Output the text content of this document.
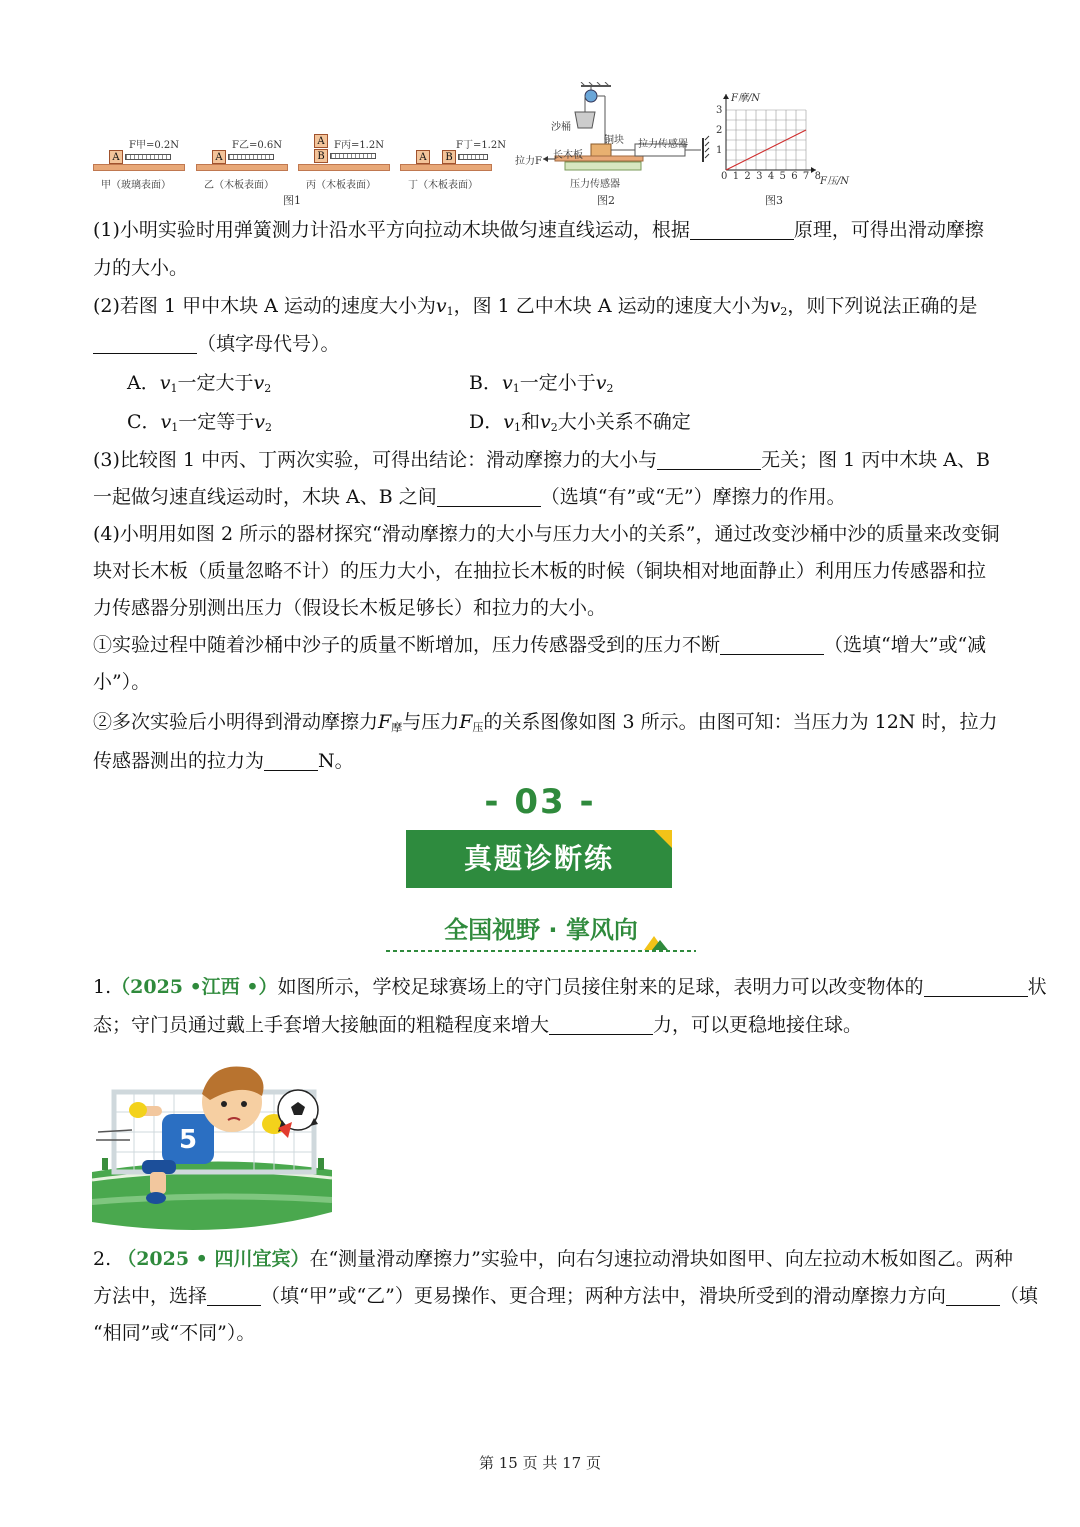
F甲=0.2N
A
甲（玻璃表面）
F乙=0.6N
A
乙（木板表面）
F丙=1.2N
A
B
丙（木板表面）
F丁=1.2N
A	B
丁（木板表面）
图1
沙桶
铜块
长木板
拉力传感器
拉力F
压力传感器
图2
F摩/N
3
2
1
0 1 2 3 4 5 6 7 8 F压/N
图3
(1)小明实验时用弹簧测力计沿水平方向拉动木块做匀速直线运动，根据	原理，可得出滑动摩擦
力的大小。
(2)若图 1 甲中木块 A 运动的速度大小为$v_1$，图 1 乙中木块 A 运动的速度大小为$v_2$，则下列说法正确的是
（填字母代号）。
A．$v_1$一定大于$v_2$	B．$v_1$一定小于$v_2$
C．$v_1$一定等于$v_2$	D．$v_1$和$v_2$大小关系不确定
(3)比较图 1 中丙、丁两次实验，可得出结论：滑动摩擦力的大小与	无关；图 1 丙中木块 A、B
一起做匀速直线运动时，木块 A、B 之间	（选填“有”或“无”）摩擦力的作用。
(4)小明用如图 2 所示的器材探究“滑动摩擦力的大小与压力大小的关系”，通过改变沙桶中沙的质量来改变铜
块对长木板（质量忽略不计）的压力大小，在抽拉长木板的时候（铜块相对地面静止）利用压力传感器和拉
力传感器分别测出压力（假设长木板足够长）和拉力的大小。
①实验过程中随着沙桶中沙子的质量不断增加，压力传感器受到的压力不断	（选填“增大”或“减
小”）。
②多次实验后小明得到滑动摩擦力$F_摩$与压力$F_压$的关系图像如图 3 所示。由图可知：当压力为 12N 时，拉力
传感器测出的拉力为	N。
- 03 -
真题诊断练
全国视野 · 掌风向
1.（2025 •江西 •）如图所示，学校足球赛场上的守门员接住射来的足球，表明力可以改变物体的	状
态；守门员通过戴上手套增大接触面的粗糙程度来增大	力，可以更稳地接住球。
5
2. （2025 • 四川宜宾）在“测量滑动摩擦力”实验中，向右匀速拉动滑块如图甲、向左拉动木板如图乙。两种
方法中，选择	（填“甲”或“乙”）更易操作、更合理；两种方法中，滑块所受到的滑动摩擦力方向	（填
“相同”或“不同”）。
第 15 页 共 17 页
